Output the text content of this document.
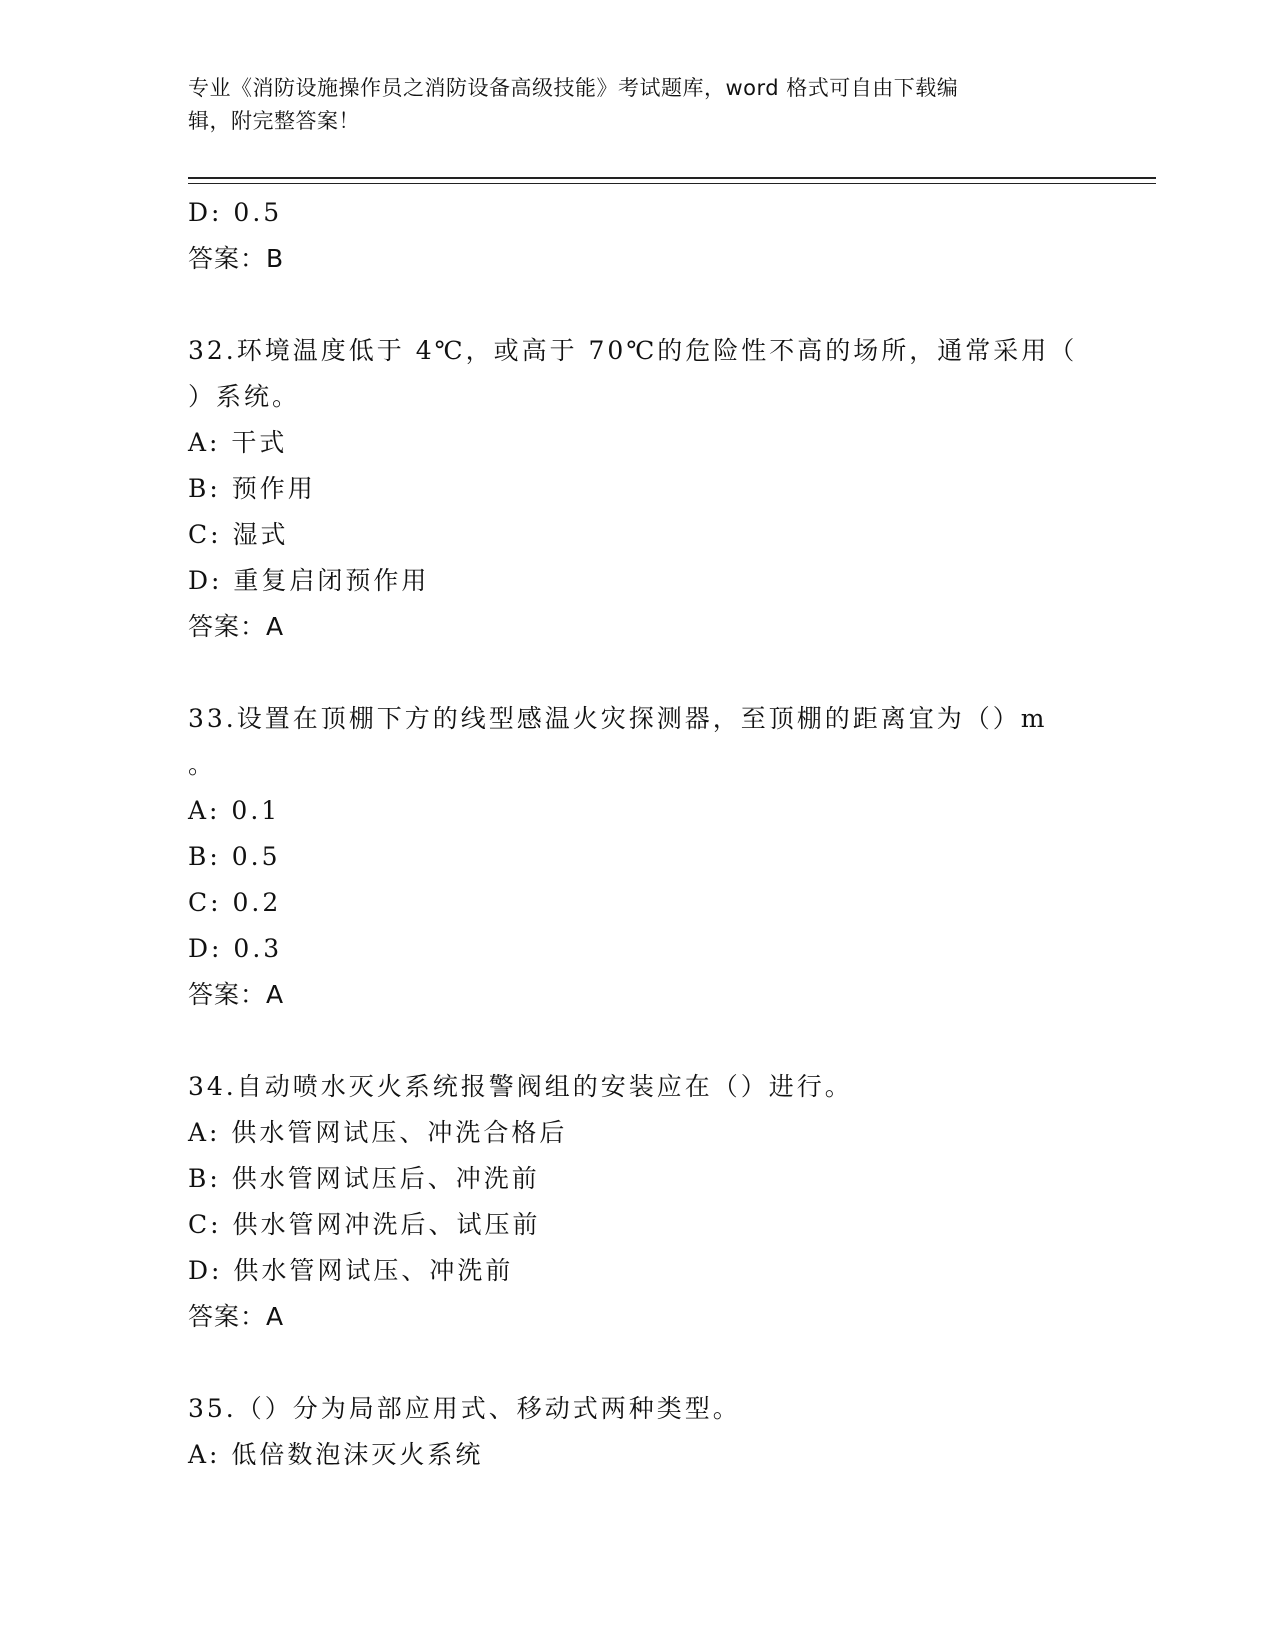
专业《消防设施操作员之消防设备高级技能》考试题库，word 格式可自由下载编
辑，附完整答案！
D: 0.5
答案：B
32.环境温度低于 4℃，或高于 70℃的危险性不高的场所，通常采用（
）系统。
A: 干式
B: 预作用
C: 湿式
D: 重复启闭预作用
答案：A
33.设置在顶棚下方的线型感温火灾探测器，至顶棚的距离宜为（）m
。
A: 0.1
B: 0.5
C: 0.2
D: 0.3
答案：A
34.自动喷水灭火系统报警阀组的安装应在（）进行。
A: 供水管网试压、冲洗合格后
B: 供水管网试压后、冲洗前
C: 供水管网冲洗后、试压前
D: 供水管网试压、冲洗前
答案：A
35.（）分为局部应用式、移动式两种类型。
A: 低倍数泡沫灭火系统
